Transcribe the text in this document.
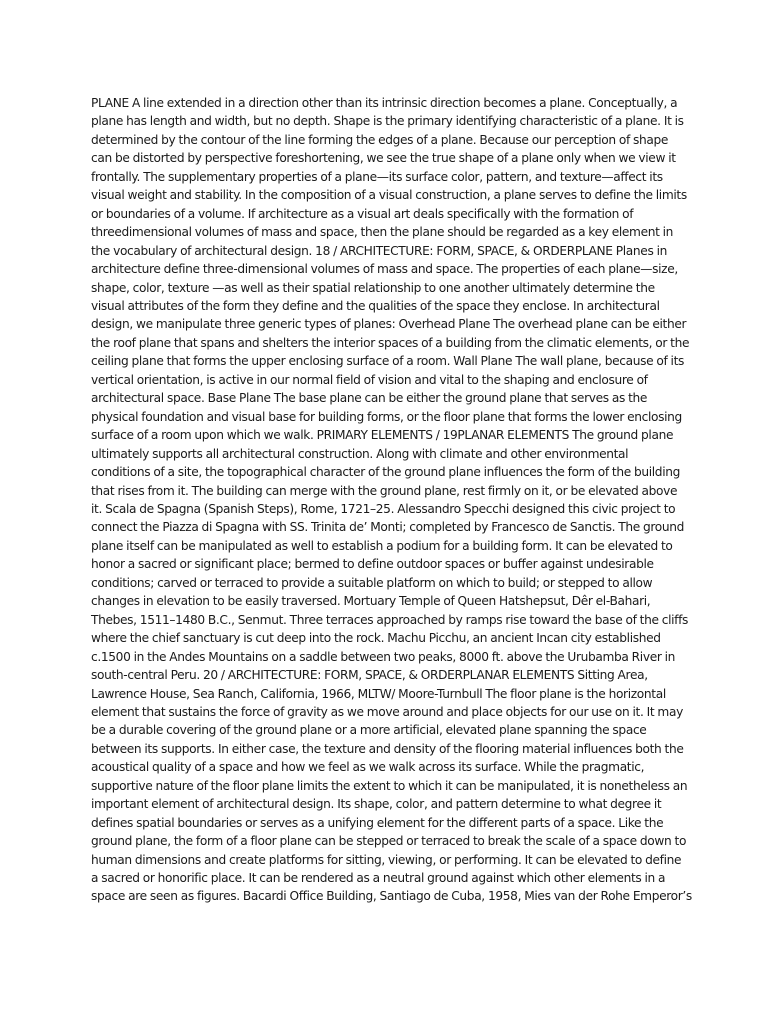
PLANE A line extended in a direction other than its intrinsic direction becomes a plane. Conceptually, a
plane has length and width, but no depth. Shape is the primary identifying characteristic of a plane. It is
determined by the contour of the line forming the edges of a plane. Because our perception of shape
can be distorted by perspective foreshortening, we see the true shape of a plane only when we view it
frontally. The supplementary properties of a plane—its surface color, pattern, and texture—affect its
visual weight and stability. In the composition of a visual construction, a plane serves to define the limits
or boundaries of a volume. If architecture as a visual art deals specifically with the formation of
threedimensional volumes of mass and space, then the plane should be regarded as a key element in
the vocabulary of architectural design. 18 / ARCHITECTURE: FORM, SPACE, & ORDERPLANE Planes in
architecture define three-dimensional volumes of mass and space. The properties of each plane—size,
shape, color, texture —as well as their spatial relationship to one another ultimately determine the
visual attributes of the form they define and the qualities of the space they enclose. In architectural
design, we manipulate three generic types of planes: Overhead Plane The overhead plane can be either
the roof plane that spans and shelters the interior spaces of a building from the climatic elements, or the
ceiling plane that forms the upper enclosing surface of a room. Wall Plane The wall plane, because of its
vertical orientation, is active in our normal field of vision and vital to the shaping and enclosure of
architectural space. Base Plane The base plane can be either the ground plane that serves as the
physical foundation and visual base for building forms, or the floor plane that forms the lower enclosing
surface of a room upon which we walk. PRIMARY ELEMENTS / 19PLANAR ELEMENTS The ground plane
ultimately supports all architectural construction. Along with climate and other environmental
conditions of a site, the topographical character of the ground plane influences the form of the building
that rises from it. The building can merge with the ground plane, rest firmly on it, or be elevated above
it. Scala de Spagna (Spanish Steps), Rome, 1721–25. Alessandro Specchi designed this civic project to
connect the Piazza di Spagna with SS. Trinita de’ Monti; completed by Francesco de Sanctis. The ground
plane itself can be manipulated as well to establish a podium for a building form. It can be elevated to
honor a sacred or significant place; bermed to define outdoor spaces or buffer against undesirable
conditions; carved or terraced to provide a suitable platform on which to build; or stepped to allow
changes in elevation to be easily traversed. Mortuary Temple of Queen Hatshepsut, Dêr el-Bahari,
Thebes, 1511–1480 B.C., Senmut. Three terraces approached by ramps rise toward the base of the cliffs
where the chief sanctuary is cut deep into the rock. Machu Picchu, an ancient Incan city established
c.1500 in the Andes Mountains on a saddle between two peaks, 8000 ft. above the Urubamba River in
south-central Peru. 20 / ARCHITECTURE: FORM, SPACE, & ORDERPLANAR ELEMENTS Sitting Area,
Lawrence House, Sea Ranch, California, 1966, MLTW/ Moore-Turnbull The floor plane is the horizontal
element that sustains the force of gravity as we move around and place objects for our use on it. It may
be a durable covering of the ground plane or a more artificial, elevated plane spanning the space
between its supports. In either case, the texture and density of the flooring material influences both the
acoustical quality of a space and how we feel as we walk across its surface. While the pragmatic,
supportive nature of the floor plane limits the extent to which it can be manipulated, it is nonetheless an
important element of architectural design. Its shape, color, and pattern determine to what degree it
defines spatial boundaries or serves as a unifying element for the different parts of a space. Like the
ground plane, the form of a floor plane can be stepped or terraced to break the scale of a space down to
human dimensions and create platforms for sitting, viewing, or performing. It can be elevated to define
a sacred or honorific place. It can be rendered as a neutral ground against which other elements in a
space are seen as figures. Bacardi Office Building, Santiago de Cuba, 1958, Mies van der Rohe Emperor’s
